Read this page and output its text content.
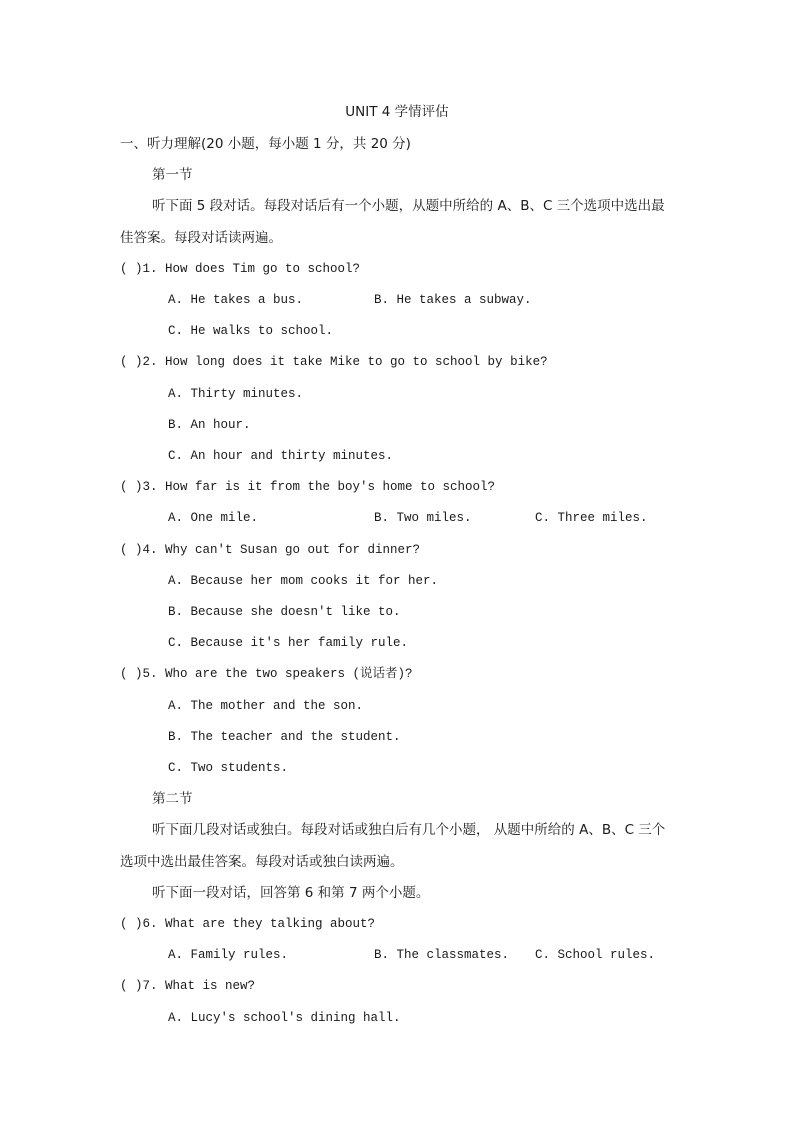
UNIT 4 学情评估
一、听力理解(20 小题，每小题 1 分，共 20 分)
第一节
听下面 5 段对话。每段对话后有一个小题，从题中所给的 A、B、C 三个选项中选出最
佳答案。每段对话读两遍。
( )1. How does Tim go to school?
A. He takes a bus.	B. He takes a subway.
C. He walks to school.
( )2. How long does it take Mike to go to school by bike?
A. Thirty minutes.
B. An hour.
C. An hour and thirty minutes.
( )3. How far is it from the boy's home to school?
A. One mile.	B. Two miles.	C. Three miles.
( )4. Why can't Susan go out for dinner?
A. Because her mom cooks it for her.
B. Because she doesn't like to.
C. Because it's her family rule.
( )5. Who are the two speakers (说话者)?
A. The mother and the son.
B. The teacher and the student.
C. Two students.
第二节
听下面几段对话或独白。每段对话或独白后有几个小题， 从题中所给的 A、B、C 三个
选项中选出最佳答案。每段对话或独白读两遍。
听下面一段对话，回答第 6 和第 7 两个小题。
( )6. What are they talking about?
A. Family rules.	B. The classmates. C. School rules.
( )7. What is new?
A. Lucy's school's dining hall.
